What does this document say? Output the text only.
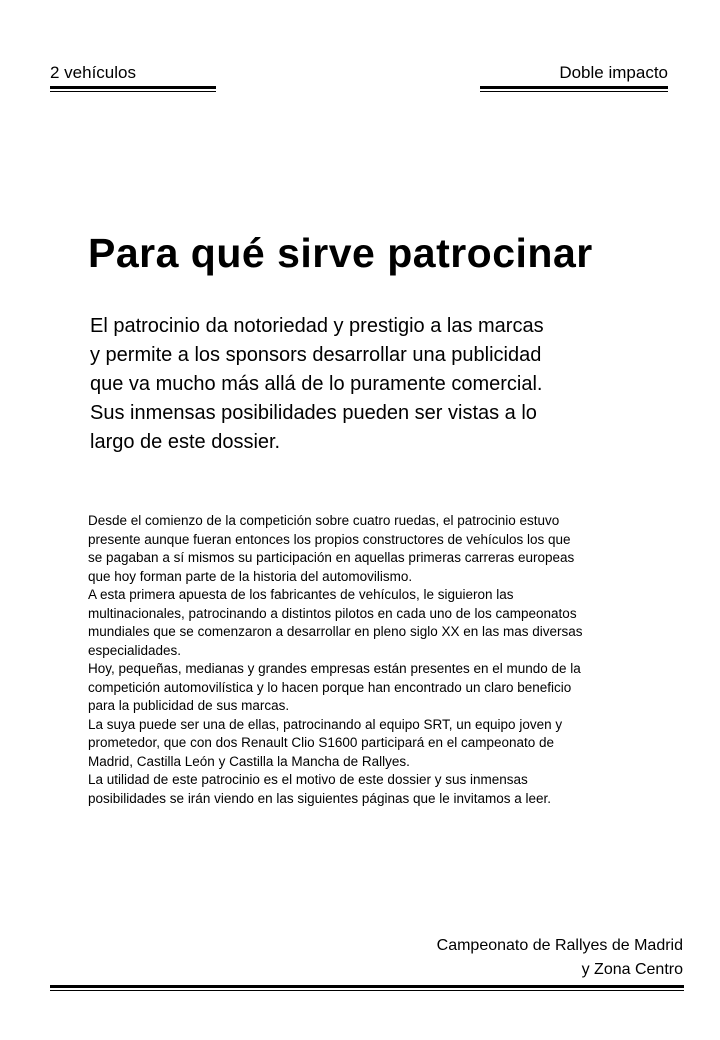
2 vehículos	Doble impacto
Para qué sirve patrocinar

El patrocinio da notoriedad y prestigio a las marcas

y permite a los sponsors desarrollar una publicidad

que va mucho más allá de lo puramente comercial.

Sus inmensas posibilidades pueden ser vistas a lo

largo de este dossier.

Desde el comienzo de la competición sobre cuatro ruedas, el patrocinio estuvo

presente aunque fueran entonces los propios constructores de vehículos los que

se pagaban a sí mismos su participación en aquellas primeras carreras europeas

que hoy forman parte de la historia del automovilismo.

A esta primera apuesta de los fabricantes de vehículos, le siguieron las

multinacionales, patrocinando a distintos pilotos en cada uno de los campeonatos

mundiales que se comenzaron a desarrollar en pleno siglo XX en las mas diversas

especialidades.

Hoy, pequeñas, medianas y grandes empresas están presentes en el mundo de la

competición automovilística y lo hacen porque han encontrado un claro beneficio

para la publicidad de sus marcas.

La suya puede ser una de ellas, patrocinando al equipo SRT, un equipo joven y

prometedor, que con dos Renault Clio S1600 participará en el campeonato de

Madrid, Castilla León y Castilla la Mancha de Rallyes.

La utilidad de este patrocinio es el motivo de este dossier y sus inmensas

posibilidades se irán viendo en las siguientes páginas que le invitamos a leer.

Campeonato de Rallyes de Madrid

y Zona Centro
